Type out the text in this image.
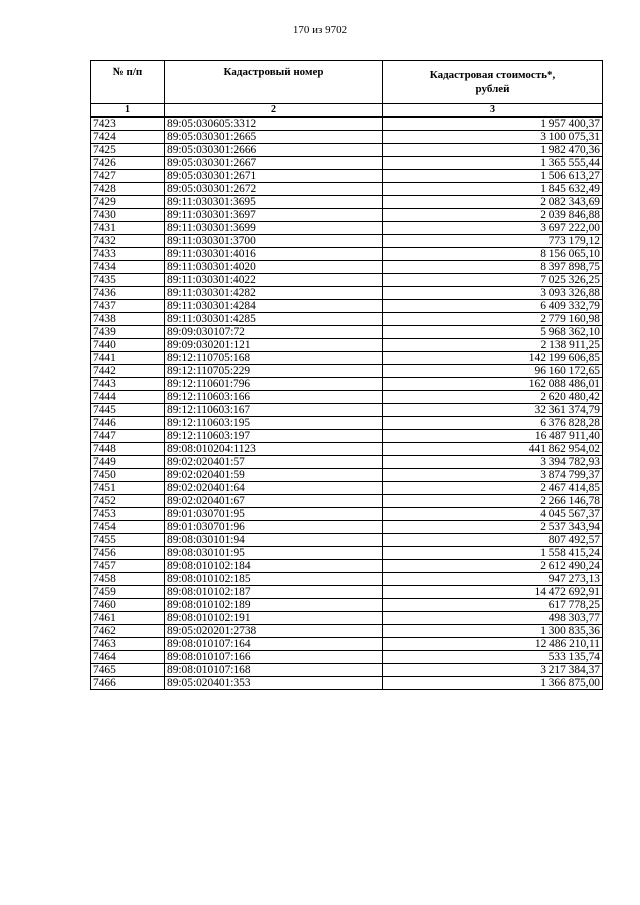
170 из 9702
№ п/п	Кадастровый номер	Кадастровая стоимость*,
рублей
1	2	3
7423	89:05:030605:3312	1 957 400,37
7424	89:05:030301:2665	3 100 075,31
7425	89:05:030301:2666	1 982 470,36
7426	89:05:030301:2667	1 365 555,44
7427	89:05:030301:2671	1 506 613,27
7428	89:05:030301:2672	1 845 632,49
7429	89:11:030301:3695	2 082 343,69
7430	89:11:030301:3697	2 039 846,88
7431	89:11:030301:3699	3 697 222,00
7432	89:11:030301:3700	773 179,12
7433	89:11:030301:4016	8 156 065,10
7434	89:11:030301:4020	8 397 898,75
7435	89:11:030301:4022	7 025 326,25
7436	89:11:030301:4282	3 093 326,88
7437	89:11:030301:4284	6 409 332,79
7438	89:11:030301:4285	2 779 160,98
7439	89:09:030107:72	5 968 362,10
7440	89:09:030201:121	2 138 911,25
7441	89:12:110705:168	142 199 606,85
7442	89:12:110705:229	96 160 172,65
7443	89:12:110601:796	162 088 486,01
7444	89:12:110603:166	2 620 480,42
7445	89:12:110603:167	32 361 374,79
7446	89:12:110603:195	6 376 828,28
7447	89:12:110603:197	16 487 911,40
7448	89:08:010204:1123	441 862 954,02
7449	89:02:020401:57	3 394 782,93
7450	89:02:020401:59	3 874 799,37
7451	89:02:020401:64	2 467 414,85
7452	89:02:020401:67	2 266 146,78
7453	89:01:030701:95	4 045 567,37
7454	89:01:030701:96	2 537 343,94
7455	89:08:030101:94	807 492,57
7456	89:08:030101:95	1 558 415,24
7457	89:08:010102:184	2 612 490,24
7458	89:08:010102:185	947 273,13
7459	89:08:010102:187	14 472 692,91
7460	89:08:010102:189	617 778,25
7461	89:08:010102:191	498 303,77
7462	89:05:020201:2738	1 300 835,36
7463	89:08:010107:164	12 486 210,11
7464	89:08:010107:166	533 135,74
7465	89:08:010107:168	3 217 384,37
7466	89:05:020401:353	1 366 875,00
